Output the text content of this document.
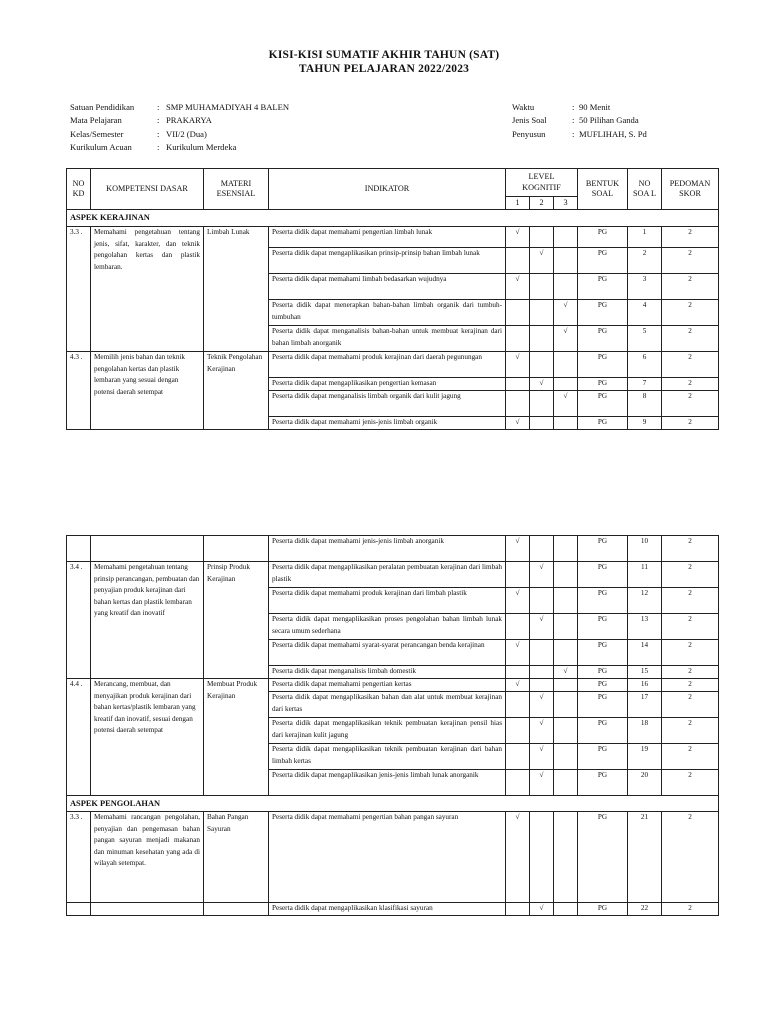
KISI-KISI SUMATIF AKHIR TAHUN (SAT)
TAHUN PELAJARAN 2022/2023
Satuan Pendidikan	: SMP MUHAMADIYAH 4 BALEN
Mata Pelajaran	: PRAKARYA
Kelas/Semester	: VII/2 (Dua)
Kurikulum Acuan	: Kurikulum Merdeka
Waktu	: 90 Menit
Jenis Soal	: 50 Pilihan Ganda
Penyusun	: MUFLIHAH, S. Pd
NO KD	KOMPETENSI DASAR	MATERI ESENSIAL	INDIKATOR	LEVEL KOGNITIF			BENTUK SOAL	NO SOA L	PEDOMAN SKOR
				1	2	3			
ASPEK KERAJINAN									
3.3 .	Memahami pengetahuan tentang jenis, sifat, karakter, dan teknik pengolahan kertas dan plastik lembaran.	Limbah Lunak	Peserta didik dapat memahami pengertian limbah lunak	√			PG	1	2
			Peserta didik dapat mengaplikasikan prinsip-prinsip bahan limbah lunak		√		PG	2	2
			Peserta didik dapat memahami limbah bedasarkan wujudnya	√			PG	3	2
			Peserta didik dapat menerapkan bahan-bahan limbah organik dari tumbuh-tumbuhan			√	PG	4	2
			Peserta didik dapat menganalisis bahan-bahan untuk membuat kerajinan dari bahan limbah anorganik			√	PG	5	2
4.3 .	Memilih jenis bahan dan teknik pengolahan kertas dan plastik lembaran yang sesuai dengan potensi daerah setempat	Teknik Pengolahan Kerajinan	Peserta didik dapat memahami produk kerajinan dari daerah pegunungan	√			PG	6	2
			Peserta didik dapat mengaplikasikan pengertian kemasan		√		PG	7	2
			Peserta didik dapat menganalisis limbah organik dari kulit jagung			√	PG	8	2
			Peserta didik dapat memahami jenis-jenis limbah organik	√			PG	9	2
			Peserta didik dapat memahami jenis-jenis limbah anorganik	√			PG	10	2
3.4 .	Memahami pengetahuan tentang prinsip perancangan, pembuatan dan penyajian produk kerajinan dari bahan kertas dan plastik lembaran yang kreatif dan inovatif	Prinsip Produk Kerajinan	Peserta didik dapat mengaplikasikan peralatan pembuatan kerajinan dari limbah plastik		√		PG	11	2
			Peserta didik dapat memahami produk kerajinan dari limbah plastik	√			PG	12	2
			Peserta didik dapat mengaplikasikan proses pengolahan bahan limbah lunak secara umum sederhana		√		PG	13	2
			Peserta didik dapat memahami syarat-syarat perancangan benda kerajinan	√			PG	14	2
			Peserta didik dapat menganalisis limbah domestik			√	PG	15	2
4.4 .	Merancang, membuat, dan menyajikan produk kerajinan dari bahan kertas/plastik lembaran yang kreatif dan inovatif, sesuai dengan potensi daerah setempat	Membuat Produk Kerajinan	Peserta didik dapat memahami pengertian kertas	√			PG	16	2
			Peserta didik dapat mengaplikasikan bahan dan alat untuk membuat kerajinan dari kertas		√		PG	17	2
			Peserta didik dapat mengaplikasikan teknik pembuatan kerajinan pensil hias dari kerajinan kulit jagung		√		PG	18	2
			Peserta didik dapat mengaplikasikan teknik pembuatan kerajinan dari bahan limbah kertas		√		PG	19	2
			Peserta didik dapat mengaplikasikan jenis-jenis limbah lunak anorganik		√		PG	20	2
ASPEK PENGOLAHAN									
3.3 .	Memahami rancangan pengolahan, penyajian dan pengemasan bahan pangan sayuran menjadi makanan dan minuman kesehatan yang ada di wilayah setempat.	Bahan Pangan Sayuran	Peserta didik dapat memahami pengertian bahan pangan sayuran	√			PG	21	2
			Peserta didik dapat mengaplikasikan klasifikasi sayuran		√		PG	22	2
